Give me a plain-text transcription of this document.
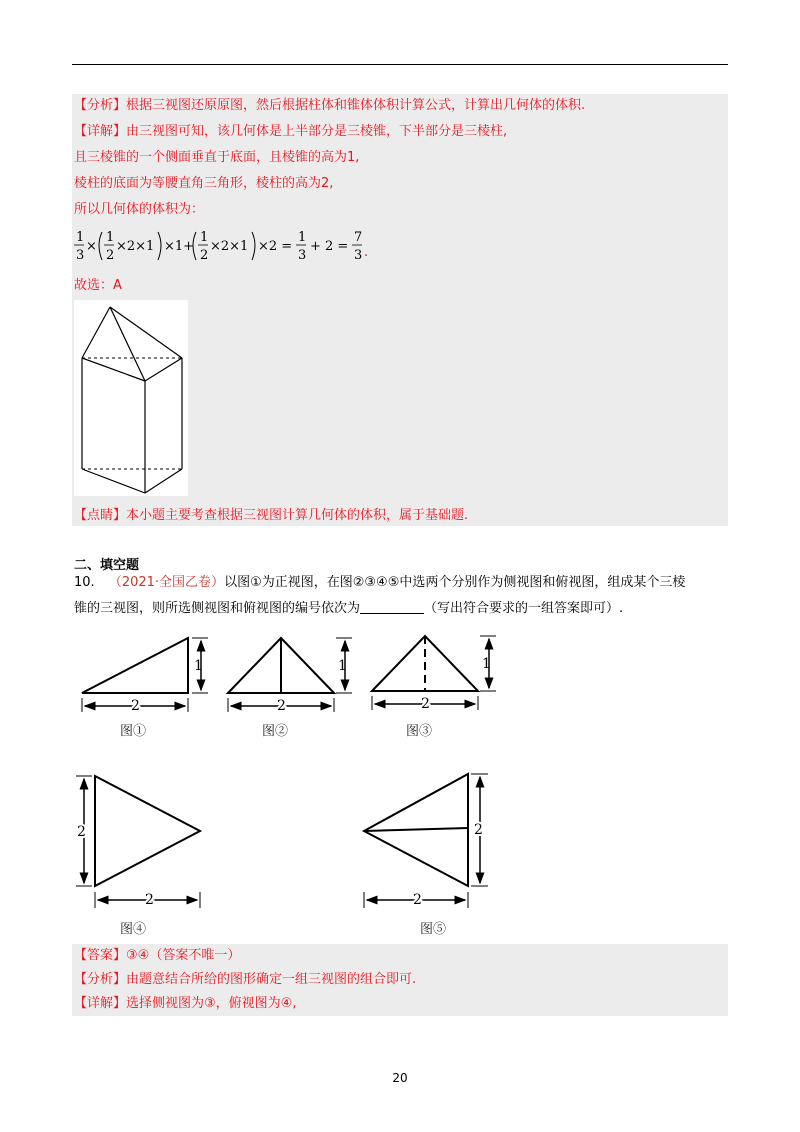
【分析】根据三视图还原原图，然后根据柱体和锥体体积计算公式，计算出几何体的体积.
【详解】由三视图可知，该几何体是上半部分是三棱锥，下半部分是三棱柱,
且三棱锥的一个侧面垂直于底面，且棱锥的高为1,
棱柱的底面为等腰直角三角形，棱柱的高为2,
所以几何体的体积为：
1
3
×
1
2
×2×1 ×1+
1
2
×2×1 ×2 =
1
3
+ 2 =
7
3 .
故选：A
【点睛】本小题主要考查根据三视图计算几何体的体积，属于基础题.
二、填空题
10. （2021·全国乙卷）以图①为正视图，在图②③④⑤中选两个分别作为侧视图和俯视图，组成某个三棱
锥的三视图，则所选侧视图和俯视图的编号依次为	（写出符合要求的一组答案即可）.
1
2
1
2
1
2
图①	图②	图③
2
2
2
2
图④	图⑤
【答案】③④（答案不唯一）
【分析】由题意结合所给的图形确定一组三视图的组合即可.
【详解】选择侧视图为③，俯视图为④,
20
